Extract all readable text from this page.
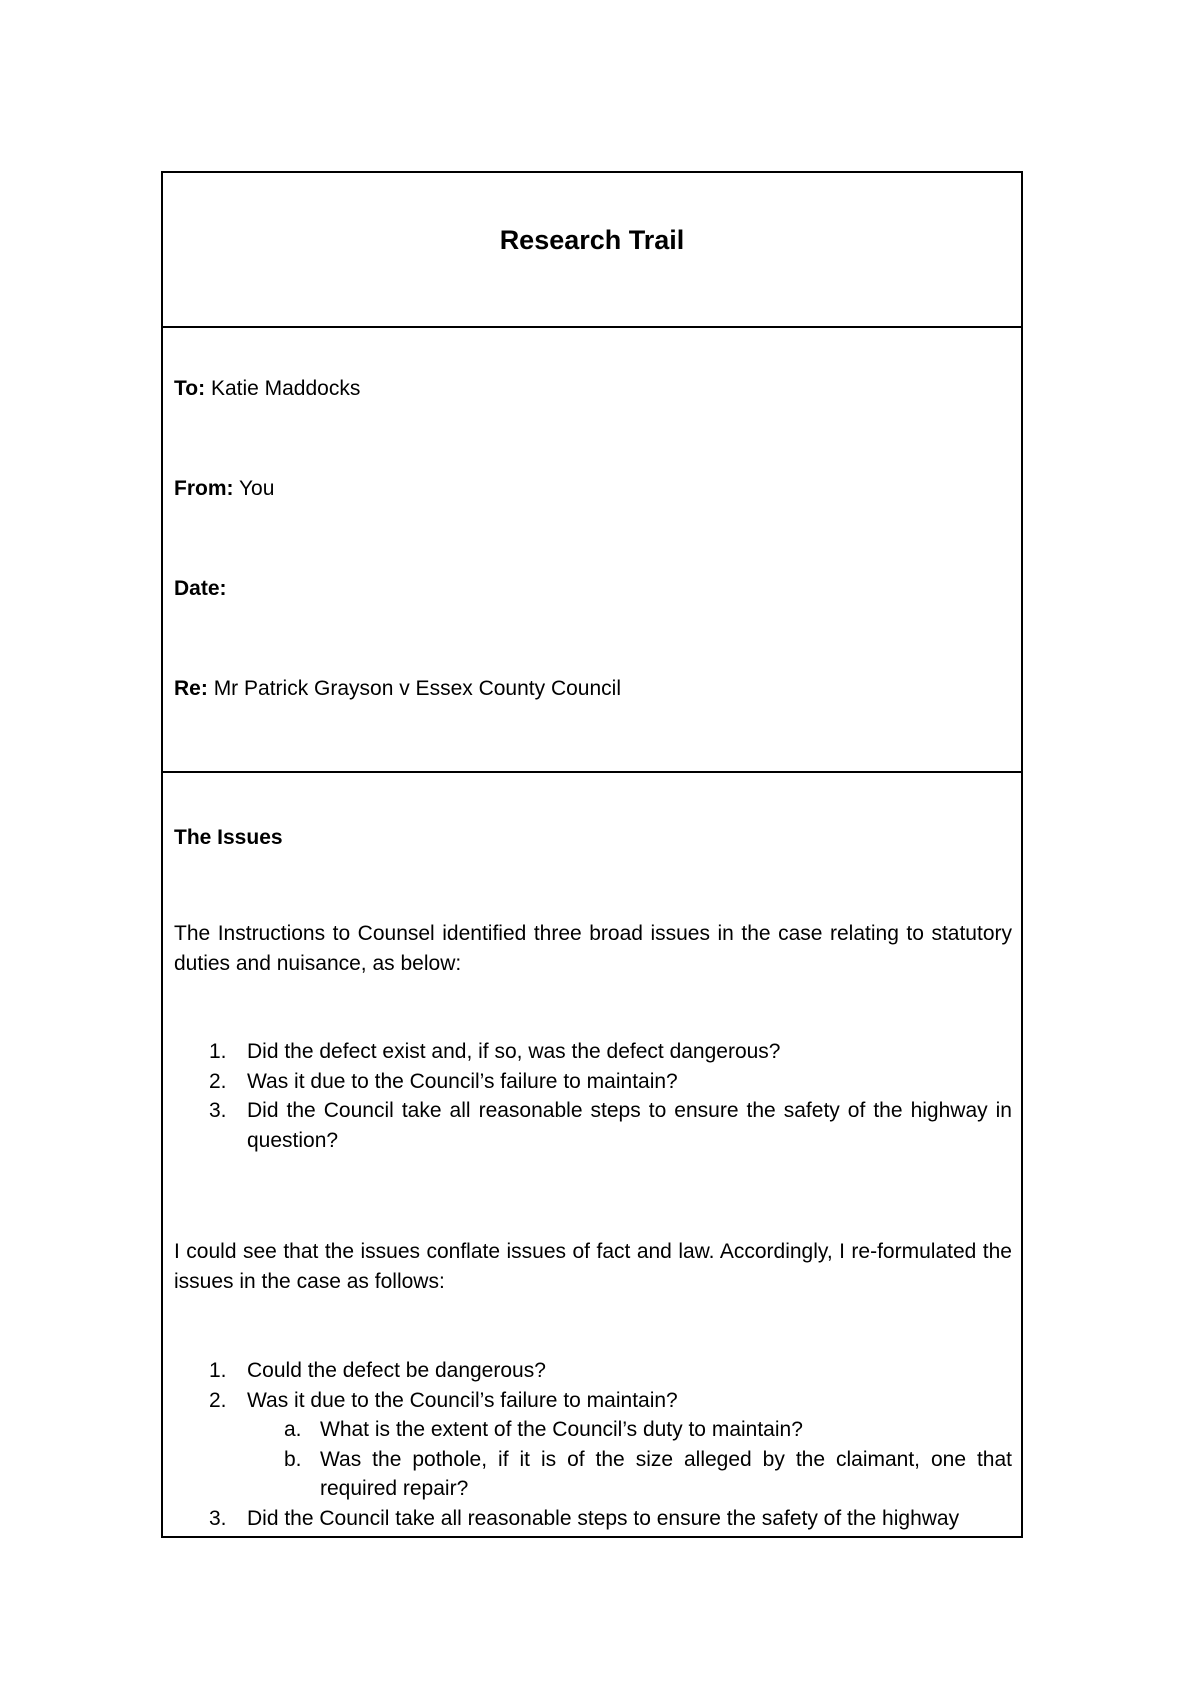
Research Trail
To: Katie Maddocks
From: You
Date:
Re: Mr Patrick Grayson v Essex County Council
The Issues
The Instructions to Counsel identified three broad issues in the case relating to statutory duties and nuisance, as below:
1. Did the defect exist and, if so, was the defect dangerous?
2. Was it due to the Council’s failure to maintain?
3. Did the Council take all reasonable steps to ensure the safety of the highway in question?
I could see that the issues conflate issues of fact and law. Accordingly, I re-formulated the issues in the case as follows:
1. Could the defect be dangerous?
2. Was it due to the Council’s failure to maintain?
a. What is the extent of the Council’s duty to maintain?
b. Was the pothole, if it is of the size alleged by the claimant, one that required repair?
3. Did the Council take all reasonable steps to ensure the safety of the highway
